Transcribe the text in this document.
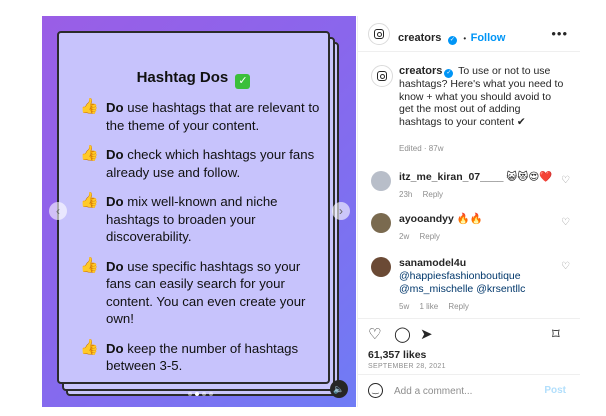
Hashtag Dos ✓
👍 Do use hashtags that are relevant to the theme of your content.
👍 Do check which hashtags your fans already use and follow.
👍 Do mix well-known and niche hashtags to broaden your discoverability.
👍 Do use specific hashtags so your fans can easily search for your content. You can even create your own!
👍 Do keep the number of hashtags between 3-5.
‹	›
🔈
creators ✓ • Follow	•••
creators ✓ To use or not to use hashtags? Here's what you need to know + what you should avoid to get the most out of adding hashtags to your content ✔
Edited · 87w
itz_me_kiran_07____ 😺😻😍❤️
23h Reply
♡
ayooandyy 🔥🔥
2w Reply
♡
sanamodel4u
@happiesfashionboutique
@ms_mischelle @krsentllc
5w 1 like Reply
♡
♡ ◯ ➤	⌑
61,357 likes
SEPTEMBER 28, 2021
‿
Add a comment...	Post
